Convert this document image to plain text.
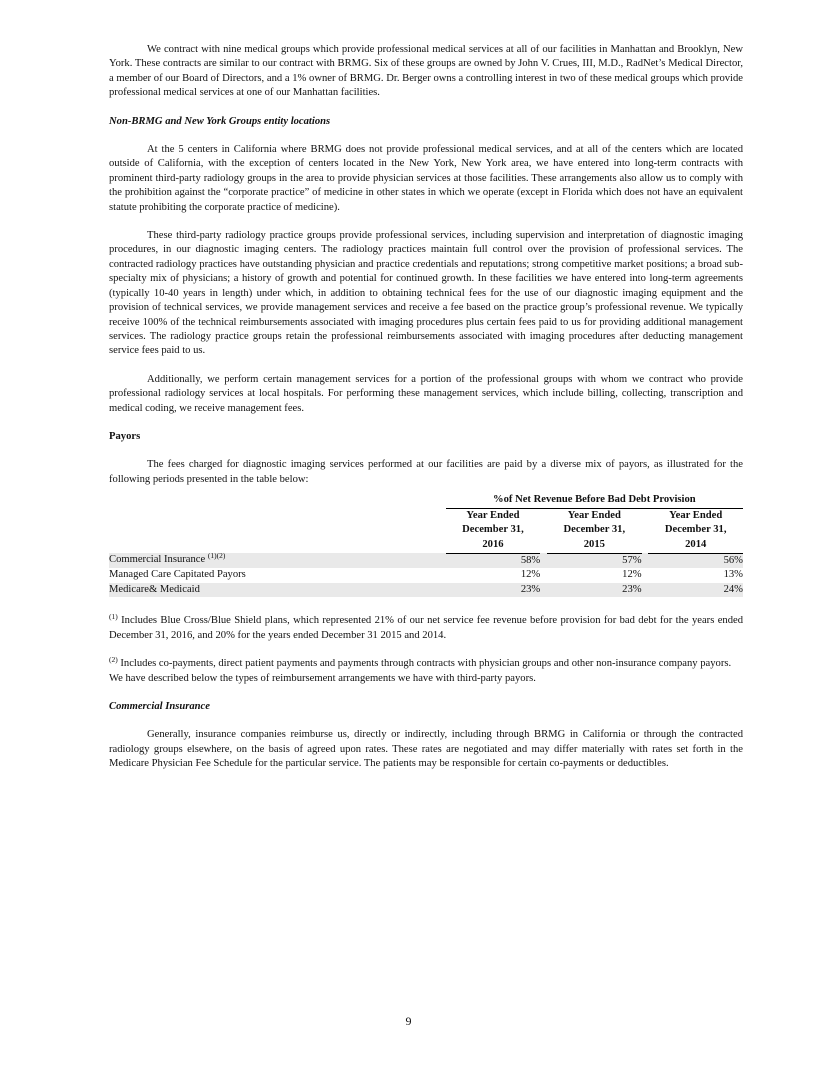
We contract with nine medical groups which provide professional medical services at all of our facilities in Manhattan and Brooklyn, New York. These contracts are similar to our contract with BRMG. Six of these groups are owned by John V. Crues, III, M.D., RadNet’s Medical Director, a member of our Board of Directors, and a 1% owner of BRMG. Dr. Berger owns a controlling interest in two of these medical groups which provide professional medical services at one of our Manhattan facilities.

Non-BRMG and New York Groups entity locations

At the 5 centers in California where BRMG does not provide professional medical services, and at all of the centers which are located outside of California, with the exception of centers located in the New York, New York area, we have entered into long-term contracts with prominent third-party radiology groups in the area to provide physician services at those facilities. These arrangements also allow us to comply with the prohibition against the “corporate practice” of medicine in other states in which we operate (except in Florida which does not have an equivalent statute prohibiting the corporate practice of medicine).

These third-party radiology practice groups provide professional services, including supervision and interpretation of diagnostic imaging procedures, in our diagnostic imaging centers. The radiology practices maintain full control over the provision of professional services. The contracted radiology practices have outstanding physician and practice credentials and reputations; strong competitive market positions; a broad sub-specialty mix of physicians; a history of growth and potential for continued growth. In these facilities we have entered into long-term agreements (typically 10-40 years in length) under which, in addition to obtaining technical fees for the use of our diagnostic imaging equipment and the provision of technical services, we provide management services and receive a fee based on the practice group’s professional revenue. We typically receive 100% of the technical reimbursements associated with imaging procedures plus certain fees paid to us for providing additional management services. The radiology practice groups retain the professional reimbursements associated with imaging procedures after deducting management service fees paid to us.

Additionally, we perform certain management services for a portion of the professional groups with whom we contract who provide professional radiology services at local hospitals. For performing these management services, which include billing, collecting, transcription and medical coding, we receive management fees.

Payors

The fees charged for diagnostic imaging services performed at our facilities are paid by a diverse mix of payors, as illustrated for the following periods presented in the table below:

	%of Net Revenue Before Bad Debt Provision				
	Year Ended		Year Ended		Year Ended
	December 31,		December 31,		December 31,
	2016		2015		2014
Commercial Insurance $^{(1)(2)}$	58%		57%		56%
Managed Care Capitated Payors	12%		12%		13%
Medicare& Medicaid	23%		23%		24%

$^{(1)}$ Includes Blue Cross/Blue Shield plans, which represented 21% of our net service fee revenue before provision for bad debt for the years ended December 31, 2016, and 20% for the years ended December 31 2015 and 2014.

$^{(2)}$ Includes co-payments, direct patient payments and payments through contracts with physician groups and other non-insurance company payors.

We have described below the types of reimbursement arrangements we have with third-party payors.

Commercial Insurance

Generally, insurance companies reimburse us, directly or indirectly, including through BRMG in California or through the contracted radiology groups elsewhere, on the basis of agreed upon rates. These rates are negotiated and may differ materially with rates set forth in the Medicare Physician Fee Schedule for the particular service. The patients may be responsible for certain co-payments or deductibles.

9
